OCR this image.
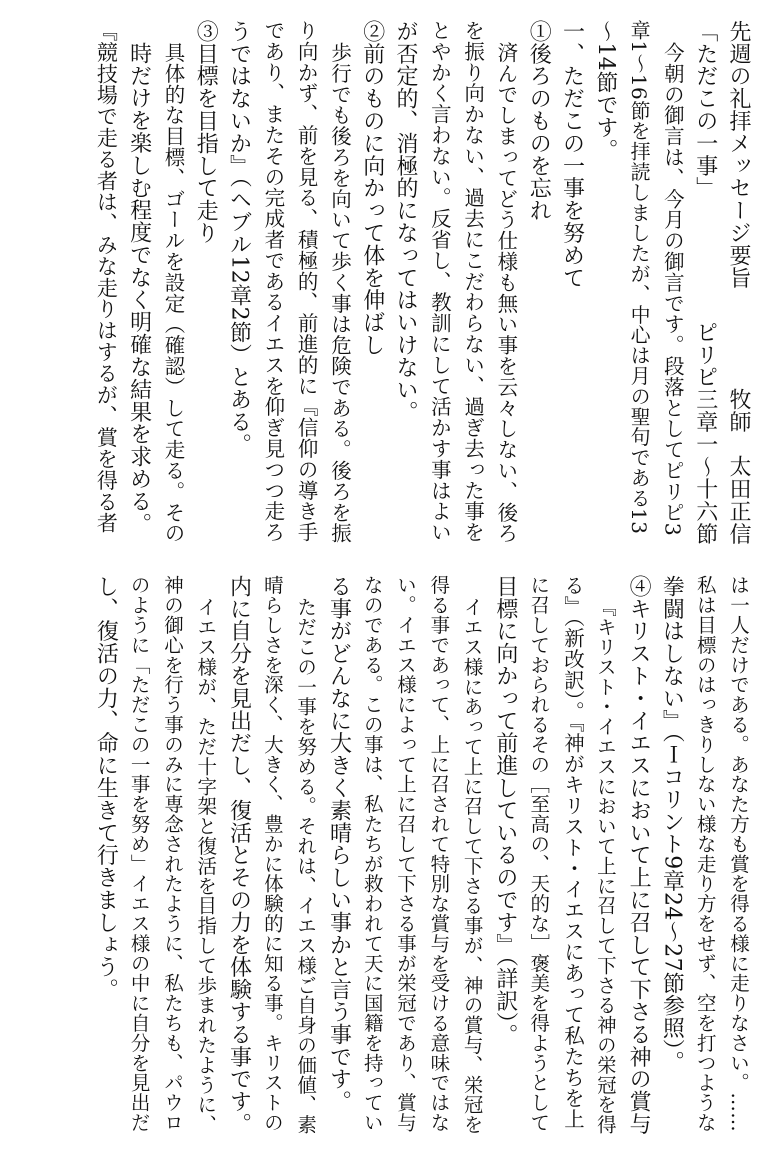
先週の礼拝メッセージ要旨
牧師　太田正信
「ただこの一事」
ピリピ三章一～十六節
今朝の御言は、今月の御言です。段落としてピリピ3
章1～16節を拝読しましたが、中心は月の聖句である13
～14節です。
一、ただこの一事を努めて
①後ろのものを忘れ
済んでしまってどう仕様も無い事を云々しない、後ろ
を振り向かない、過去にこだわらない、過ぎ去った事を
とやかく言わない。反省し、教訓にして活かす事はよい
が否定的、消極的になってはいけない。
②前のものに向かって体を伸ばし
歩行でも後ろを向いて歩く事は危険である。後ろを振
り向かず、前を見る、積極的、前進的に『信仰の導き手
であり、またその完成者であるイエスを仰ぎ見つつ走ろ
うではないか』（ヘブル12章2節）とある。
③目標を目指して走り
具体的な目標、ゴールを設定（確認）して走る。その
時だけを楽しむ程度でなく明確な結果を求める。
『競技場で走る者は、みな走りはするが、賞を得る者
は一人だけである。あなた方も賞を得る様に走りなさい。……
私は目標のはっきりしない様な走り方をせず、空を打つような
拳闘はしない』（Ｉコリント9章24～27節参照）。
④キリスト・イエスにおいて上に召して下さる神の賞与
『キリスト・イエスにおいて上に召して下さる神の栄冠を得
る』（新改訳）。『神がキリスト・イエスにあって私たちを上
に召しておられるその［至高の、天的な］褒美を得ようとして
目標に向かって前進しているのです』（詳訳）。
イエス様にあって上に召して下さる事が、神の賞与、栄冠を
得る事であって、上に召されて特別な賞与を受ける意味ではな
い。イエス様によって上に召して下さる事が栄冠であり、賞与
なのである。この事は、私たちが救われて天に国籍を持ってい
る事がどんなに大きく素晴らしい事かと言う事です。
ただこの一事を努める。それは、イエス様ご自身の価値、素
晴らしさを深く、大きく、豊かに体験的に知る事。キリストの
内に自分を見出だし、復活とその力を体験する事です。
イエス様が、ただ十字架と復活を目指して歩まれたように、
神の御心を行う事のみに専念されたように、私たちも、パウロ
のように「ただこの一事を努め」イエス様の中に自分を見出だ
し、復活の力、命に生きて行きましょう。
